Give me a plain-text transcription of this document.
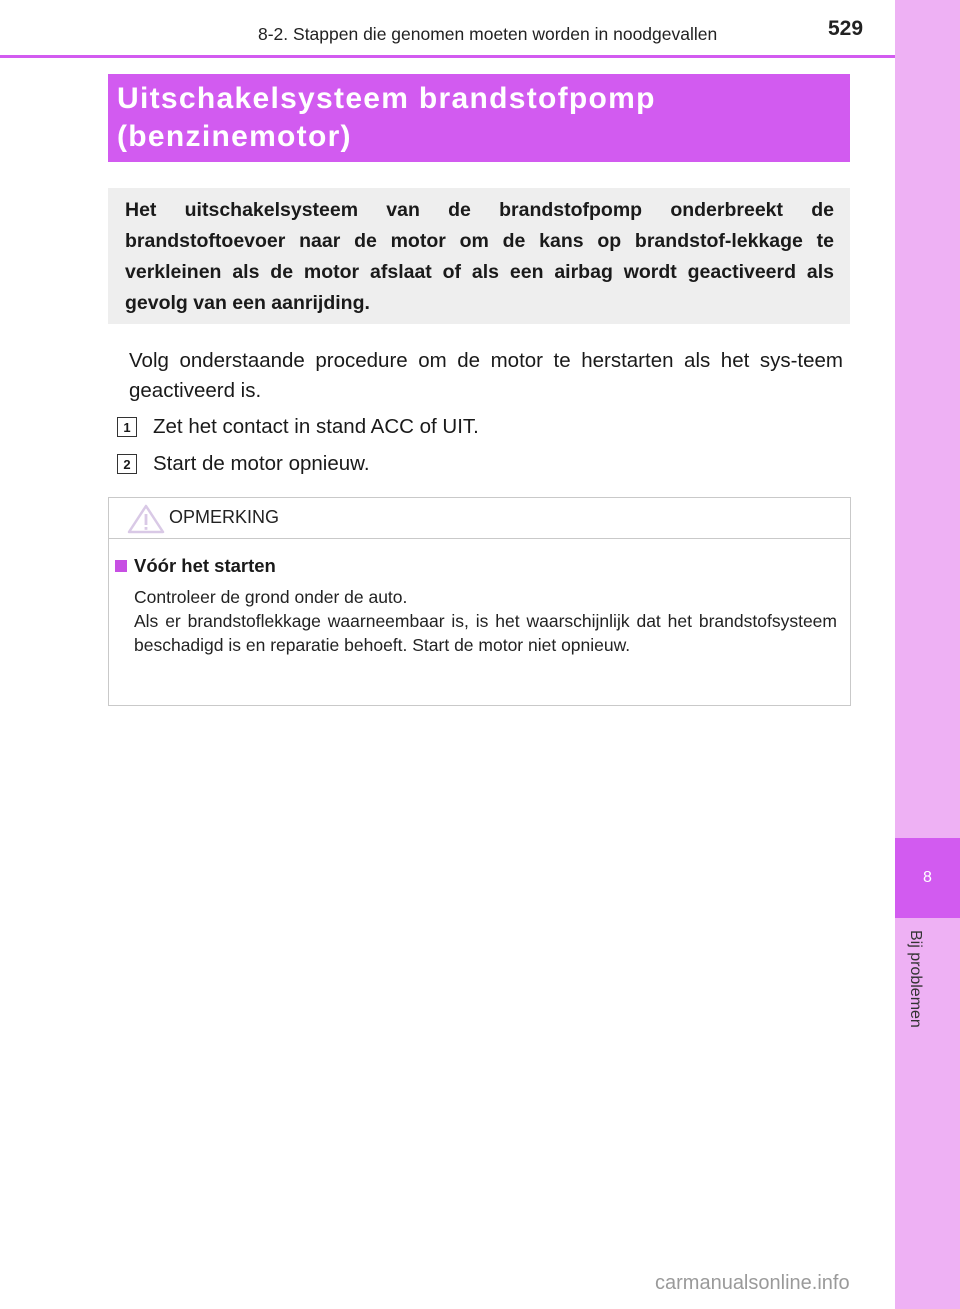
8
Bij problemen
8-2. Stappen die genomen moeten worden in noodgevallen	529
Uitschakelsysteem brandstofpomp (benzinemotor)

Het uitschakelsysteem van de brandstofpomp onderbreekt de brandstoftoevoer naar de motor om de kans op brandstof-lekkage te verkleinen als de motor afslaat of als een airbag wordt geactiveerd als gevolg van een aanrijding.

Volg onderstaande procedure om de motor te herstarten als het sys-teem geactiveerd is.

1	Zet het contact in stand ACC of UIT.
2	Start de motor opnieuw.
OPMERKING
Vóór het starten

Controleer de grond onder de auto.

Als er brandstoflekkage waarneembaar is, is het waarschijnlijk dat het brandstofsysteem beschadigd is en reparatie behoeft. Start de motor niet opnieuw.

carmanualsonline.info
